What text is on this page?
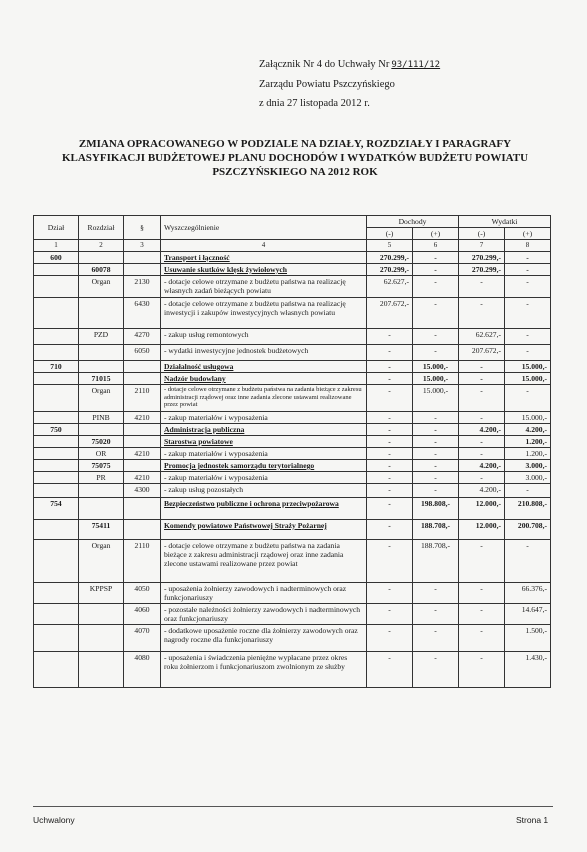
Załącznik Nr 4 do Uchwały Nr 93/111/12
Zarządu Powiatu Pszczyńskiego
z dnia 27 listopada 2012 r.
ZMIANA OPRACOWANEGO W PODZIALE NA DZIAŁY, ROZDZIAŁY I PARAGRAFY KLASYFIKACJI BUDŻETOWEJ PLANU DOCHODÓW I WYDATKÓW BUDŻETU POWIATU PSZCZYŃSKIEGO NA 2012 ROK
Dział	Rozdział	§	Wyszczególnienie	Dochody		Wydatki	
				(-)	(+)	(-)	(+)
1	2	3	4	5	6	7	8
600			Transport i łączność	270.299,-	-	270.299,-	-
	60078		Usuwanie skutków klęsk żywiołowych	270.299,-	-	270.299,-	-
	Organ	2130	- dotacje celowe otrzymane z budżetu państwa na realizację własnych zadań bieżących powiatu	62.627,-	-	-	-
		6430	- dotacje celowe otrzymane z budżetu państwa na realizację inwestycji i zakupów inwestycyjnych własnych powiatu	207.672,-	-	-	-
	PZD	4270	- zakup usług remontowych	-	-	62.627,-	-
		6050	- wydatki inwestycyjne jednostek budżetowych	-	-	207.672,-	-
710			Działalność usługowa	-	15.000,-	-	15.000,-
	71015		Nadzór budowlany	-	15.000,-	-	15.000,-
	Organ	2110	- dotacje celowe otrzymane z budżetu państwa na zadania bieżące z zakresu administracji rządowej oraz inne zadania zlecone ustawami realizowane przez powiat	-	15.000,-	-	-
	PINB	4210	- zakup materiałów i wyposażenia	-	-	-	15.000,-
750			Administracja publiczna	-	-	4.200,-	4.200,-
	75020		Starostwa powiatowe	-	-	-	1.200,-
	OR	4210	- zakup materiałów i wyposażenia	-	-	-	1.200,-
	75075		Promocja jednostek samorządu terytorialnego	-	-	4.200,-	3.000,-
	PR	4210	- zakup materiałów i wyposażenia	-	-	-	3.000,-
		4300	- zakup usług pozostałych	-	-	4.200,-	-
754			Bezpieczeństwo publiczne i ochrona przeciwpożarowa	-	198.808,-	12.000,-	210.808,-
	75411		Komendy powiatowe Państwowej Straży Pożarnej	-	188.708,-	12.000,-	200.708,-
	Organ	2110	- dotacje celowe otrzymane z budżetu państwa na zadania bieżące z zakresu administracji rządowej oraz inne zadania zlecone ustawami realizowane przez powiat	-	188.708,-	-	-
	KPPSP	4050	- uposażenia żołnierzy zawodowych i nadterminowych oraz funkcjonariuszy	-	-	-	66.376,-
		4060	- pozostałe należności żołnierzy zawodowych i nadterminowych oraz funkcjonariuszy	-	-	-	14.647,-
		4070	- dodatkowe uposażenie roczne dla żołnierzy zawodowych oraz nagrody roczne dla funkcjonariuszy	-	-	-	1.500,-
		4080	- uposażenia i świadczenia pieniężne wypłacane przez okres roku żołnierzom i funkcjonariuszom zwolnionym ze służby	-	-	-	1.430,-
Uchwalony	Strona 1
